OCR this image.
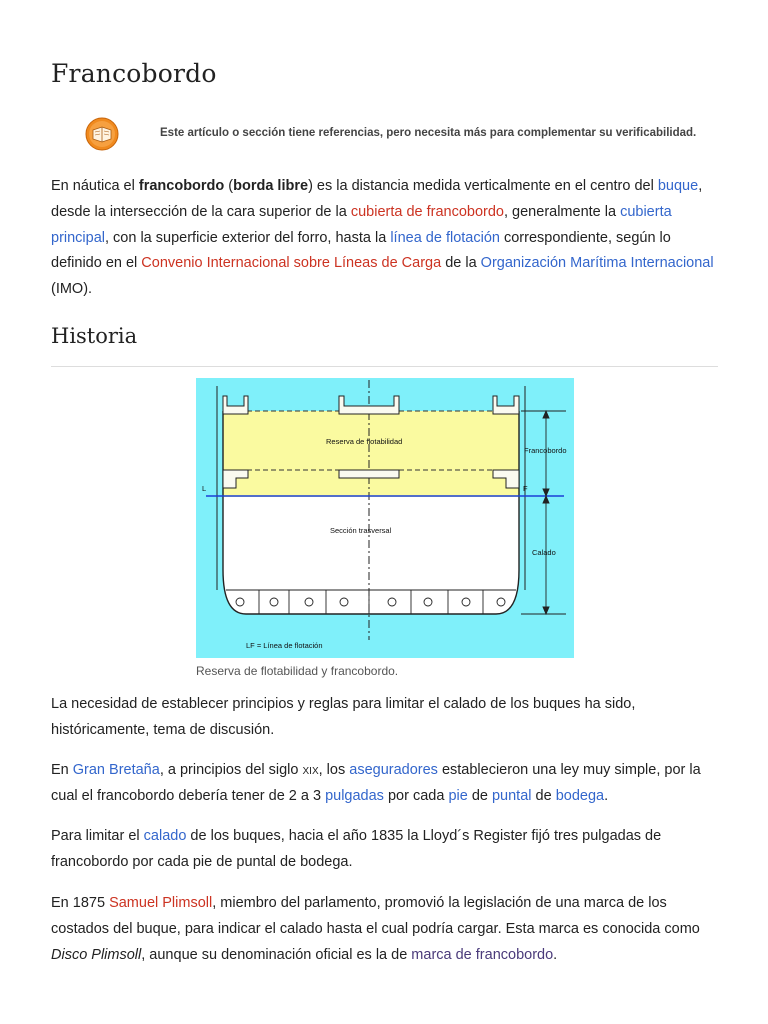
Francobordo
Este artículo o sección tiene referencias, pero necesita más para complementar su verificabilidad.

En náutica el francobordo (borda libre) es la distancia medida verticalmente en el centro del buque, desde la intersección de la cara superior de la cubierta de francobordo, generalmente la cubierta principal, con la superficie exterior del forro, hasta la línea de flotación correspondiente, según lo definido en el Convenio Internacional sobre Líneas de Carga de la Organización Marítima Internacional (IMO).

Historia
Reserva de flotabilidad
Sección trasversal
Francobordo
Calado
L	F
LF = Línea de flotación
Reserva de flotabilidad y francobordo.

La necesidad de establecer principios y reglas para limitar el calado de los buques ha sido, históricamente, tema de discusión.

En Gran Bretaña, a principios del siglo xix, los aseguradores establecieron una ley muy simple, por la cual el francobordo debería tener de 2 a 3 pulgadas por cada pie de puntal de bodega.

Para limitar el calado de los buques, hacia el año 1835 la Lloyd´s Register fijó tres pulgadas de francobordo por cada pie de puntal de bodega.

En 1875 Samuel Plimsoll, miembro del parlamento, promovió la legislación de una marca de los costados del buque, para indicar el calado hasta el cual podría cargar. Esta marca es conocida como Disco Plimsoll, aunque su denominación oficial es la de marca de francobordo.
